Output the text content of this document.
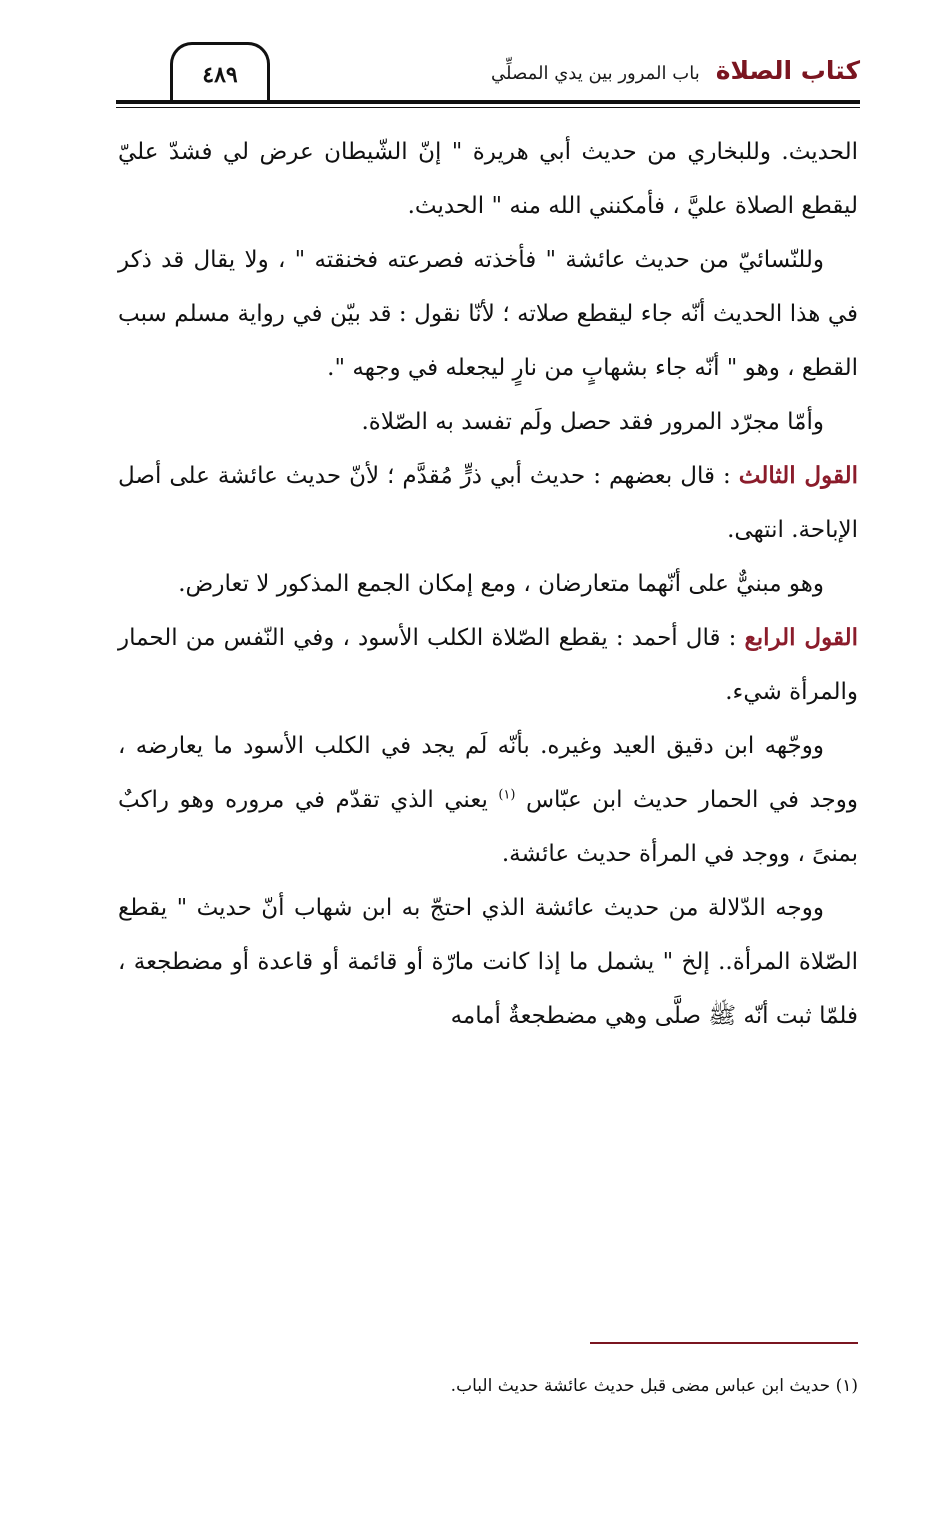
كتاب الصلاة
باب المرور بين يدي المصلِّي
٤٨٩

الحديث. وللبخاري من حديث أبي هريرة " إنّ الشّيطان عرض لي فشدّ عليّ ليقطع الصلاة عليَّ ، فأمكنني الله منه " الحديث.

وللنّسائيّ من حديث عائشة " فأخذته فصرعته فخنقته " ، ولا يقال قد ذكر في هذا الحديث أنّه جاء ليقطع صلاته ؛ لأنّا نقول : قد بيّن في رواية مسلم سبب القطع ، وهو " أنّه جاء بشهابٍ من نارٍ ليجعله في وجهه ".

وأمّا مجرّد المرور فقد حصل ولَم تفسد به الصّلاة.

القول الثالث : قال بعضهم : حديث أبي ذرٍّ مُقدَّم ؛ لأنّ حديث عائشة على أصل الإباحة. انتهى.

وهو مبنيٌّ على أنّهما متعارضان ، ومع إمكان الجمع المذكور لا تعارض.

القول الرابع : قال أحمد : يقطع الصّلاة الكلب الأسود ، وفي النّفس من الحمار والمرأة شيء.

ووجّهه ابن دقيق العيد وغيره. بأنّه لَم يجد في الكلب الأسود ما يعارضه ، ووجد في الحمار حديث ابن عبّاس $^{(١)}$ يعني الذي تقدّم في مروره وهو راكبٌ بمنىً ، ووجد في المرأة حديث عائشة.

ووجه الدّلالة من حديث عائشة الذي احتجّ به ابن شهاب أنّ حديث " يقطع الصّلاة المرأة.. إلخ " يشمل ما إذا كانت مارّة أو قائمة أو قاعدة أو مضطجعة ، فلمّا ثبت أنّه ﷺ صلَّى وهي مضطجعةٌ أمامه

(١) حديث ابن عباس مضى قبل حديث عائشة حديث الباب.
